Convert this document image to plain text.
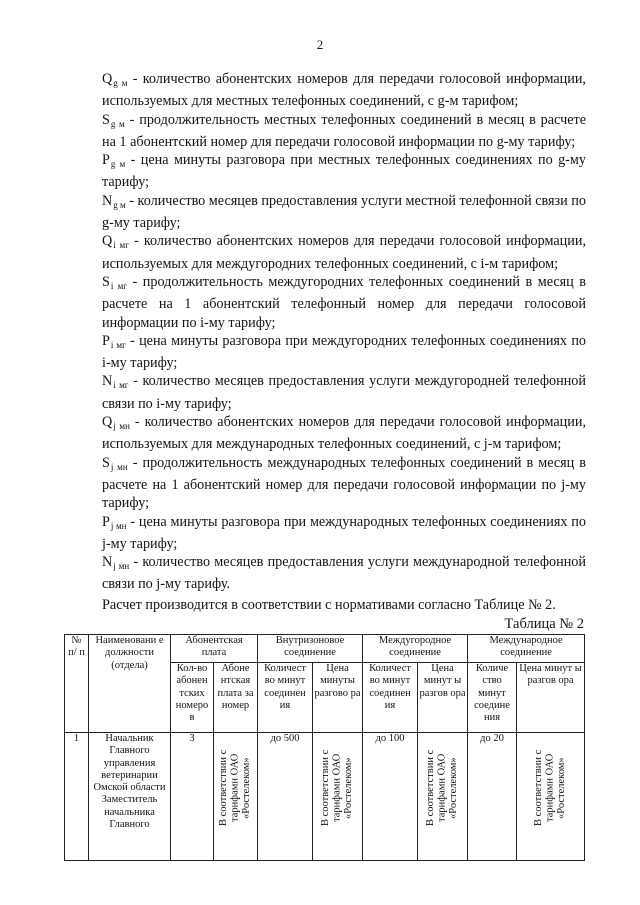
2
$Q_{g м}$ - количество абонентских номеров для передачи голосовой информации, используемых для местных телефонных соединений, с g-м тарифом;
$S_{g м}$ - продолжительность местных телефонных соединений в месяц в расчете на 1 абонентский номер для передачи голосовой информации по g-му тарифу;
$P_{g м}$ - цена минуты разговора при местных телефонных соединениях по g-му тарифу;
$N_{g м}$ - количество месяцев предоставления услуги местной телефонной связи по g-му тарифу;
$Q_{i мг}$ - количество абонентских номеров для передачи голосовой информации, используемых для междугородних телефонных соединений, с i-м тарифом;
$S_{i мг}$ - продолжительность междугородних телефонных соединений в месяц в расчете на 1 абонентский телефонный номер для передачи голосовой информации по i-му тарифу;
$P_{i мг}$ - цена минуты разговора при междугородних телефонных соединениях по i-му тарифу;
$N_{i мг}$ - количество месяцев предоставления услуги междугородней телефонной связи по i-му тарифу;
$Q_{j мн}$ - количество абонентских номеров для передачи голосовой информации, используемых для международных телефонных соединений, с j-м тарифом;
$S_{j мн}$ - продолжительность международных телефонных соединений в месяц в расчете на 1 абонентский номер для передачи голосовой информации по j-му тарифу;
$P_{j мн}$ - цена минуты разговора при международных телефонных соединениях по j-му тарифу;
$N_{j мн}$ - количество месяцев предоставления услуги международной телефонной связи по j-му тарифу.
Расчет производится в соответствии с нормативами согласно Таблице № 2.
Таблица № 2
№ п/ п	Наименовани е должности (отдела)	Абонентская плата		Внутризоновое соединение		Междугородное соединение		Международное соединение	
		Кол-во абонен тских номеро в	Абоне нтская плата за номер	Количест во минут соединен ия	Цена минуты разгово ра	Количест во минут соединен ия	Цена минут ы разгов ора	Количе ство минут соедине ния	Цена минут ы разгов ора
1	Начальник Главного управления ветеринарии Омской области Заместитель начальника Главного	3	В соответствии с тарифами ОАО «Ростелеком»	до 500	В соответствии с тарифами ОАО «Ростелеком»	до 100	В соответствии с тарифами ОАО «Ростелеком»	до 20	В соответствии с тарифами ОАО «Ростелеком»
